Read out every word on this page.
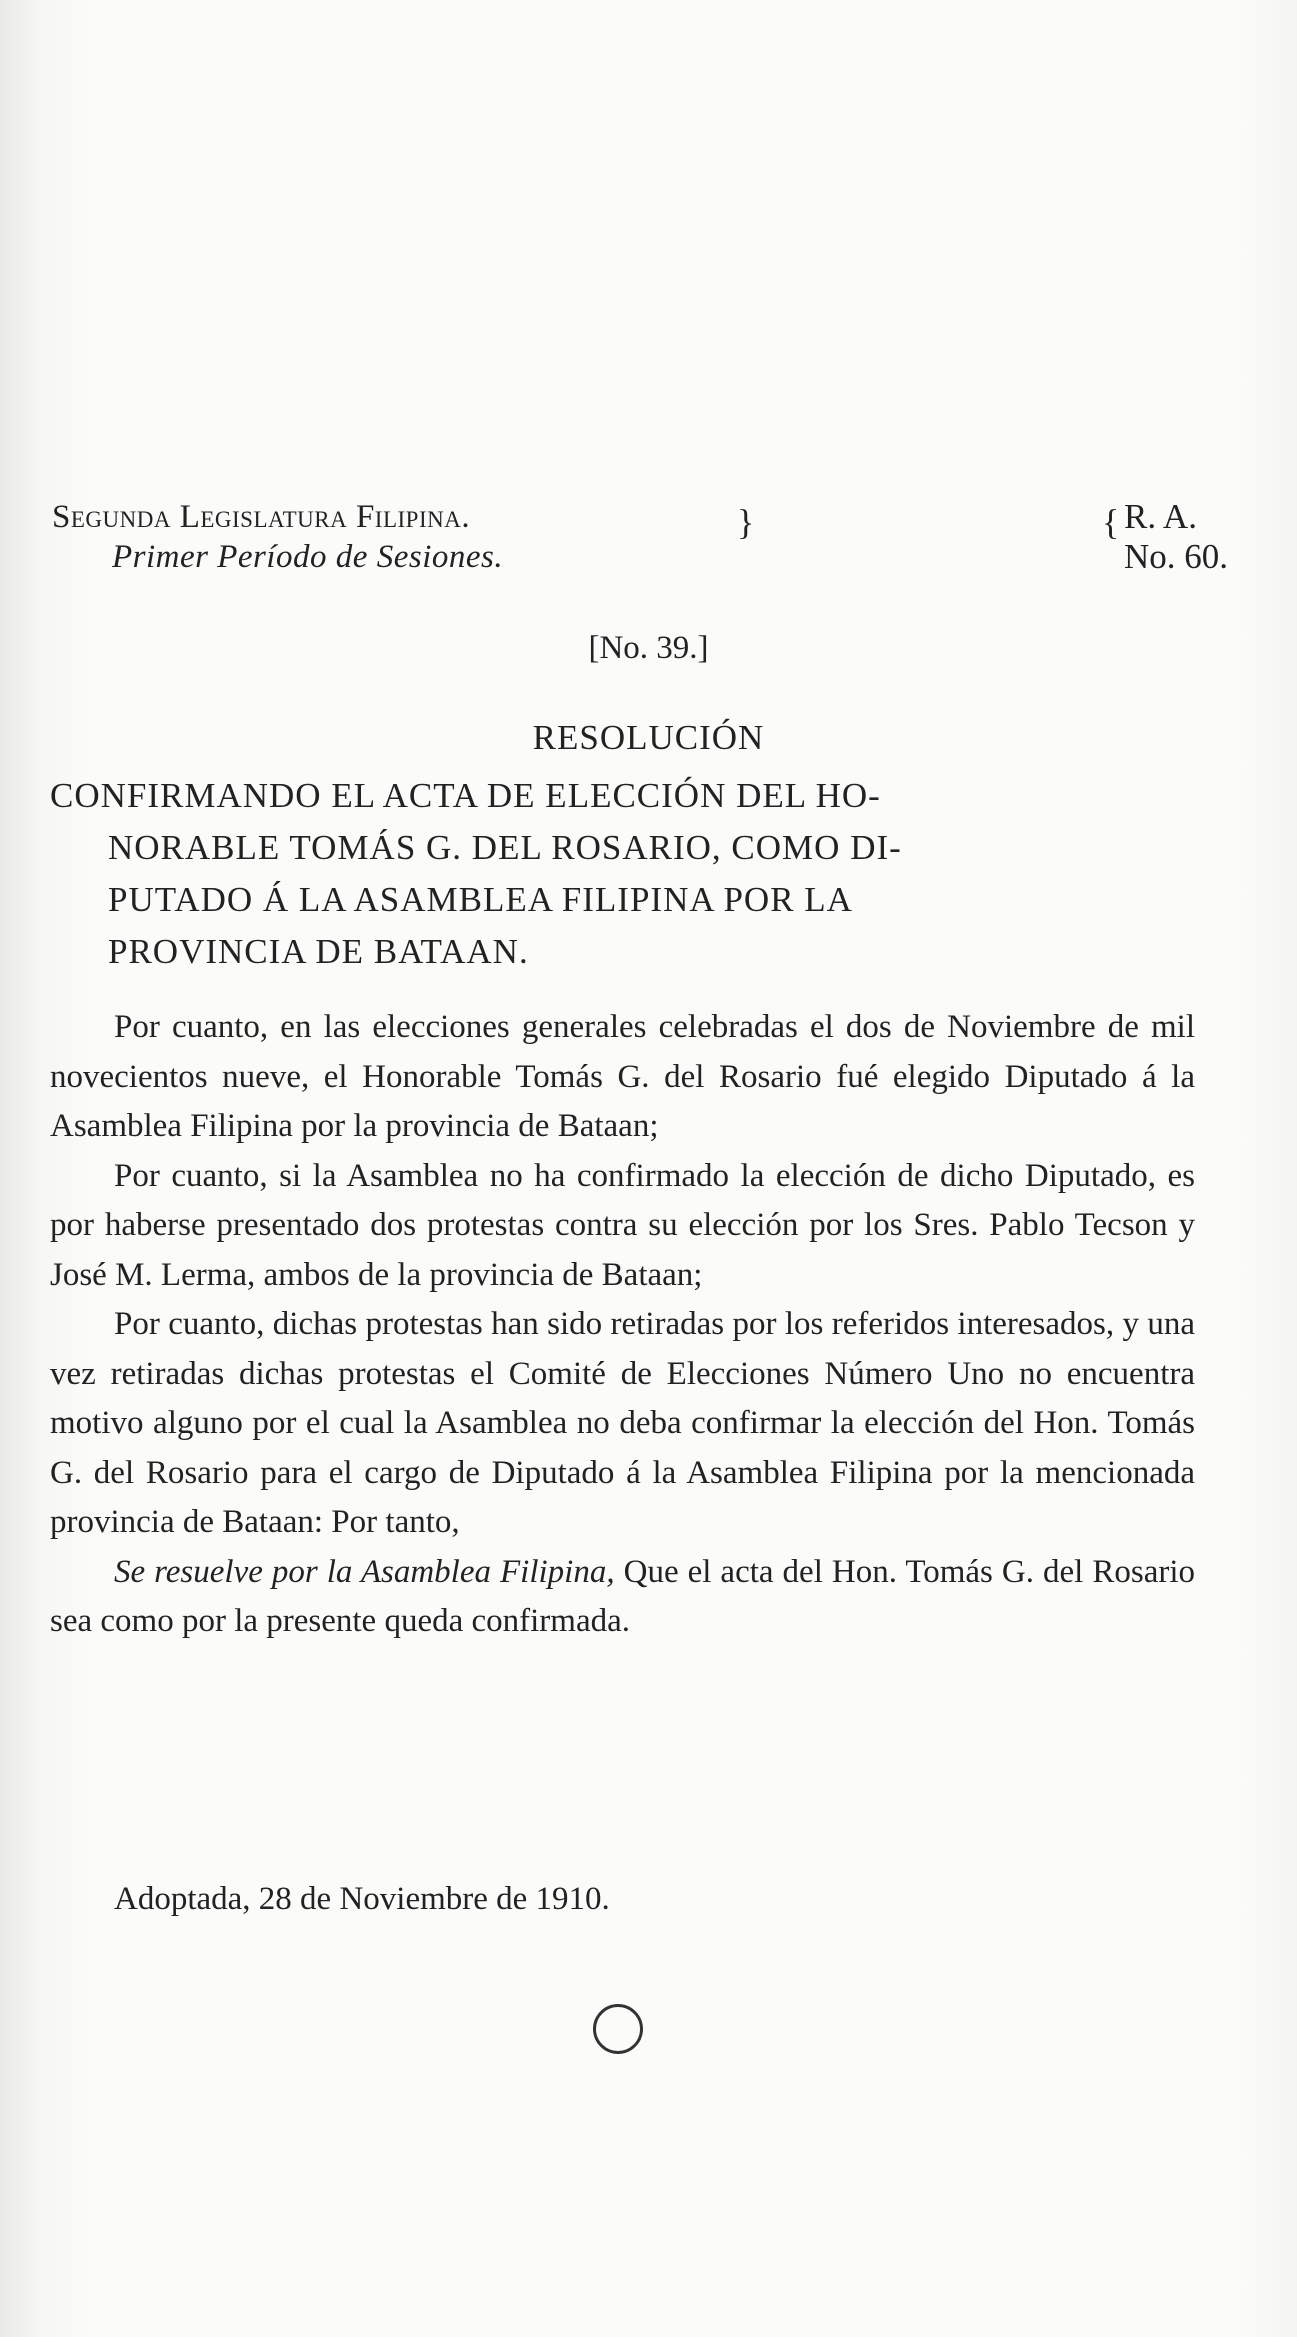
Segunda Legislatura Filipina.
Primer Período de Sesiones.
}	{ R. A.
No. 60.
[No. 39.]
RESOLUCIÓN
CONFIRMANDO EL ACTA DE ELECCIÓN DEL HO-
NORABLE TOMÁS G. DEL ROSARIO, COMO DI-
PUTADO Á LA ASAMBLEA FILIPINA POR LA
PROVINCIA DE BATAAN.

Por cuanto, en las elecciones generales celebradas el dos de Noviembre de mil novecientos nueve, el Honorable Tomás G. del Rosario fué elegido Diputado á la Asamblea Filipina por la provincia de Bataan;

Por cuanto, si la Asamblea no ha confirmado la elección de dicho Diputado, es por haberse presentado dos protestas contra su elección por los Sres. Pablo Tecson y José M. Lerma, ambos de la provincia de Bataan;

Por cuanto, dichas protestas han sido retiradas por los referidos interesados, y una vez retiradas dichas protestas el Comité de Elecciones Número Uno no encuentra motivo alguno por el cual la Asamblea no deba confirmar la elección del Hon. Tomás G. del Rosario para el cargo de Diputado á la Asamblea Filipina por la mencionada provincia de Bataan: Por tanto,

Se resuelve por la Asamblea Filipina, Que el acta del Hon. Tomás G. del Rosario sea como por la presente queda confirmada.

Adoptada, 28 de Noviembre de 1910.
